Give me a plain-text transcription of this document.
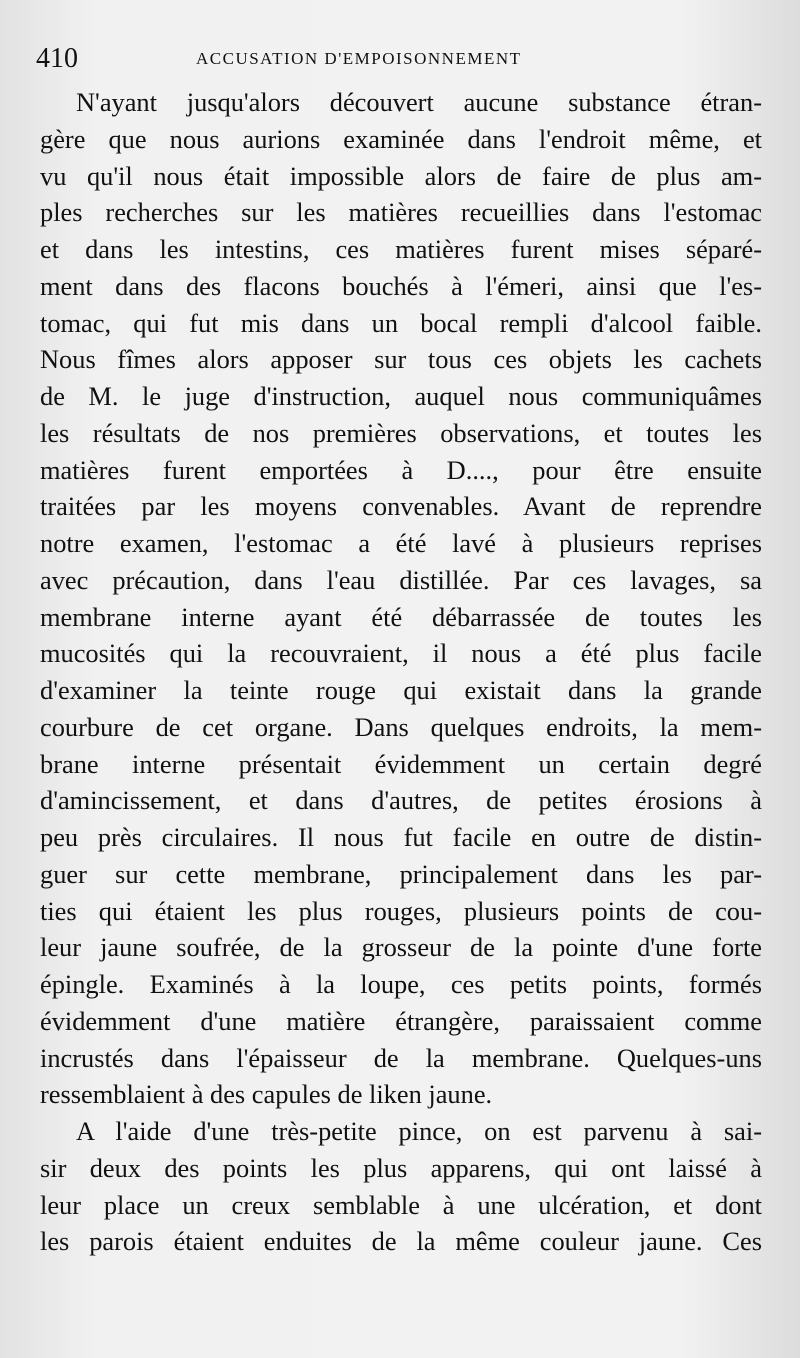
410	ACCUSATION D'EMPOISONNEMENT
N'ayant jusqu'alors découvert aucune substance étran-
gère que nous aurions examinée dans l'endroit même, et
vu qu'il nous était impossible alors de faire de plus am-
ples recherches sur les matières recueillies dans l'estomac
et dans les intestins, ces matières furent mises séparé-
ment dans des flacons bouchés à l'émeri, ainsi que l'es-
tomac, qui fut mis dans un bocal rempli d'alcool faible.
Nous fîmes alors apposer sur tous ces objets les cachets
de M. le juge d'instruction, auquel nous communiquâmes
les résultats de nos premières observations, et toutes les
matières furent emportées à D...., pour être ensuite
traitées par les moyens convenables. Avant de reprendre
notre examen, l'estomac a été lavé à plusieurs reprises
avec précaution, dans l'eau distillée. Par ces lavages, sa
membrane interne ayant été débarrassée de toutes les
mucosités qui la recouvraient, il nous a été plus facile
d'examiner la teinte rouge qui existait dans la grande
courbure de cet organe. Dans quelques endroits, la mem-
brane interne présentait évidemment un certain degré
d'amincissement, et dans d'autres, de petites érosions à
peu près circulaires. Il nous fut facile en outre de distin-
guer sur cette membrane, principalement dans les par-
ties qui étaient les plus rouges, plusieurs points de cou-
leur jaune soufrée, de la grosseur de la pointe d'une forte
épingle. Examinés à la loupe, ces petits points, formés
évidemment d'une matière étrangère, paraissaient comme
incrustés dans l'épaisseur de la membrane. Quelques-uns
ressemblaient à des capules de liken jaune.
A l'aide d'une très-petite pince, on est parvenu à sai-
sir deux des points les plus apparens, qui ont laissé à
leur place un creux semblable à une ulcération, et dont
les parois étaient enduites de la même couleur jaune. Ces
